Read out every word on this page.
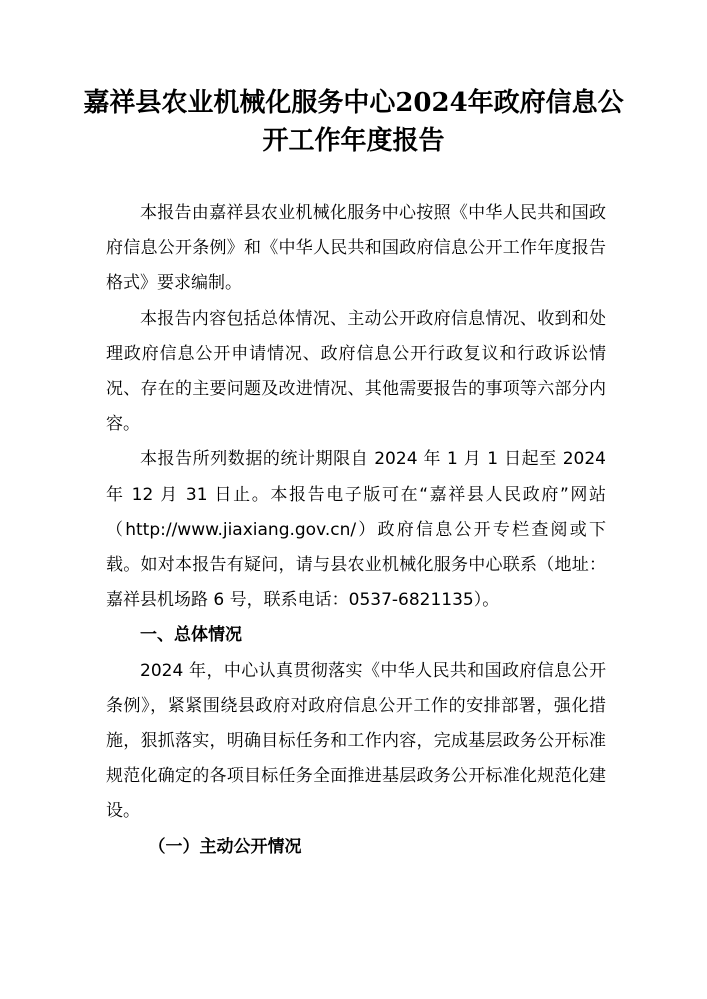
嘉祥县农业机械化服务中心2024年政府信息公开工作年度报告

本报告由嘉祥县农业机械化服务中心按照《中华人民共和国政府信息公开条例》和《中华人民共和国政府信息公开工作年度报告格式》要求编制。

本报告内容包括总体情况、主动公开政府信息情况、收到和处理政府信息公开申请情况、政府信息公开行政复议和行政诉讼情况、存在的主要问题及改进情况、其他需要报告的事项等六部分内容。

本报告所列数据的统计期限自 2024 年 1 月 1 日起至 2024 年 12 月 31 日止。本报告电子版可在“嘉祥县人民政府”网站（http://www.jiaxiang.gov.cn/）政府信息公开专栏查阅或下载。如对本报告有疑问，请与县农业机械化服务中心联系（地址：嘉祥县机场路 6 号，联系电话：0537-6821135）。

一、总体情况

2024 年，中心认真贯彻落实《中华人民共和国政府信息公开条例》，紧紧围绕县政府对政府信息公开工作的安排部署，强化措施，狠抓落实，明确目标任务和工作内容，完成基层政务公开标准规范化确定的各项目标任务全面推进基层政务公开标准化规范化建设。

（一）主动公开情况
